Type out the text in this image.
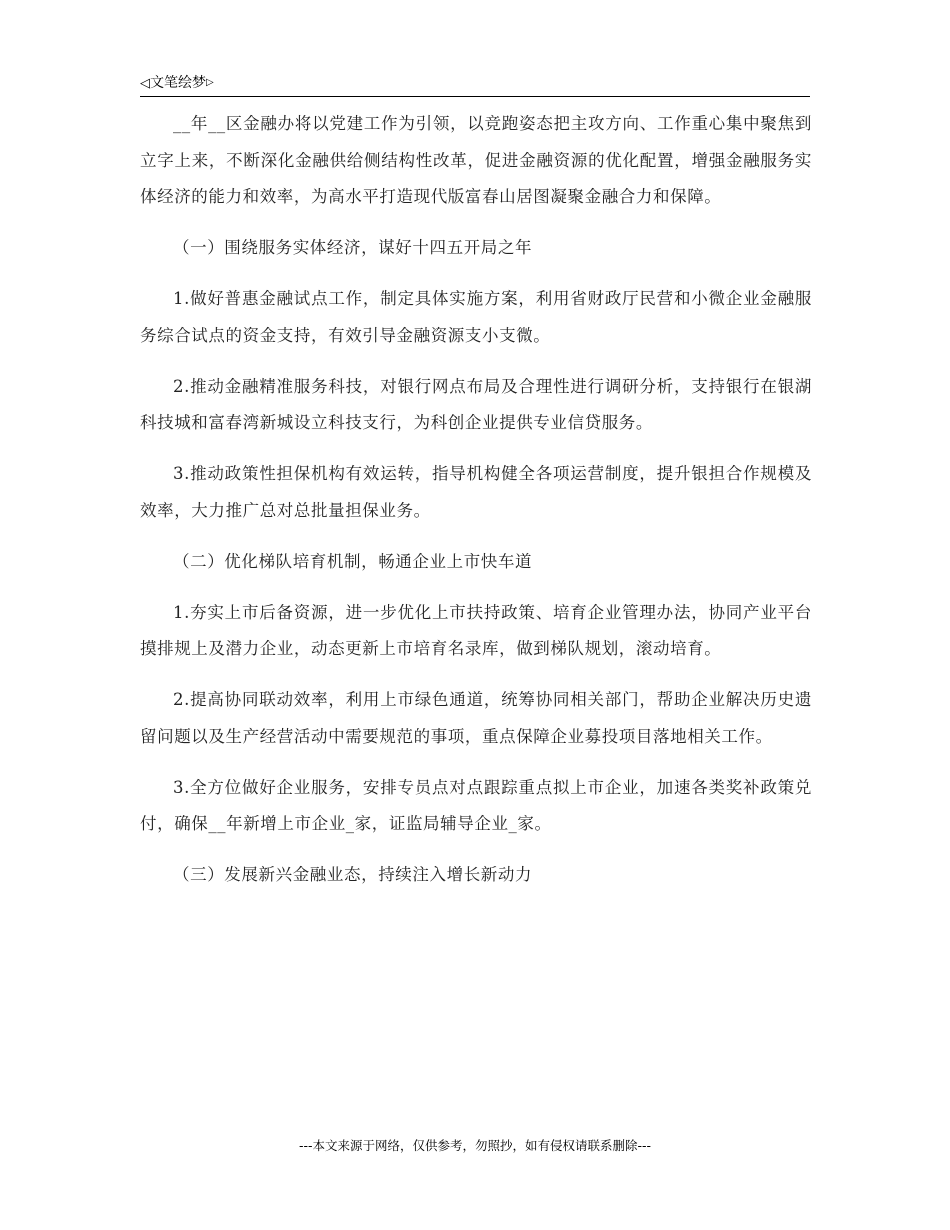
◁文笔绘梦▷

__年__区金融办将以党建工作为引领，以竞跑姿态把主攻方向、工作重心集中聚焦到立字上来，不断深化金融供给侧结构性改革，促进金融资源的优化配置，增强金融服务实体经济的能力和效率，为高水平打造现代版富春山居图凝聚金融合力和保障。

（一）围绕服务实体经济，谋好十四五开局之年

1.做好普惠金融试点工作，制定具体实施方案，利用省财政厅民营和小微企业金融服务综合试点的资金支持，有效引导金融资源支小支微。

2.推动金融精准服务科技，对银行网点布局及合理性进行调研分析，支持银行在银湖科技城和富春湾新城设立科技支行，为科创企业提供专业信贷服务。

3.推动政策性担保机构有效运转，指导机构健全各项运营制度，提升银担合作规模及效率，大力推广总对总批量担保业务。

（二）优化梯队培育机制，畅通企业上市快车道

1.夯实上市后备资源，进一步优化上市扶持政策、培育企业管理办法，协同产业平台摸排规上及潜力企业，动态更新上市培育名录库，做到梯队规划，滚动培育。

2.提高协同联动效率，利用上市绿色通道，统筹协同相关部门，帮助企业解决历史遗留问题以及生产经营活动中需要规范的事项，重点保障企业募投项目落地相关工作。

3.全方位做好企业服务，安排专员点对点跟踪重点拟上市企业，加速各类奖补政策兑付，确保__年新增上市企业_家，证监局辅导企业_家。

（三）发展新兴金融业态，持续注入增长新动力

---本文来源于网络，仅供参考，勿照抄，如有侵权请联系删除---
